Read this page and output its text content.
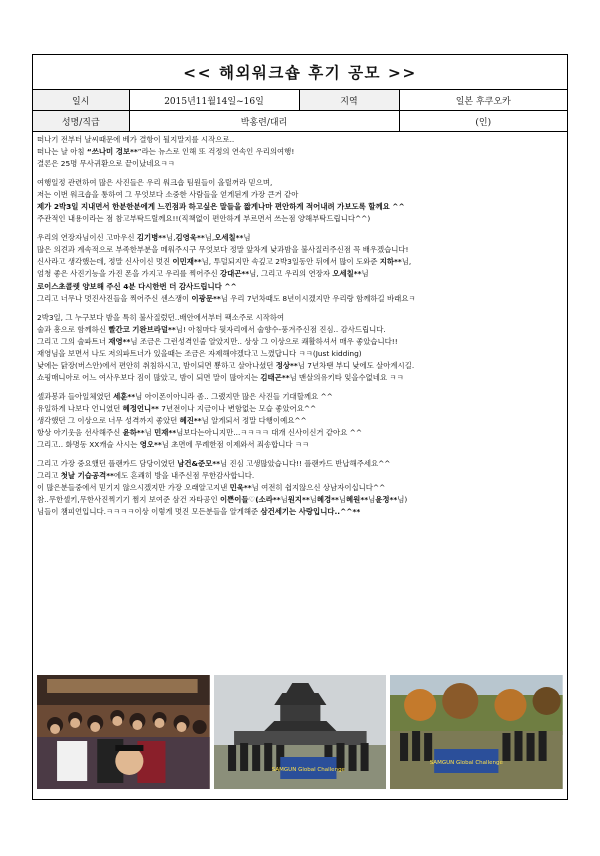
<< 해외워크숍 후기 공모 >>
일시	2015년11월14일~16일	지역	일본 후쿠오카
성명/직급	박홍련/대리		(인)

떠나기 전부터 날씨때문에 베가 결항이 될지말지를 시작으로..

떠나는 날 아침 “쓰나미 경보**”라는 뉴스로 인해 또 걱정의 연속인 우리의여행!

결론은 25명 무사귀환으로 끝이났네요ㅋㅋ

여행일정 관련하여 많은 사진들은 우리 워크숍 팀원들이 올릴꺼라 믿으며,

저는 이번 워크숍을 통하여 그 무엇보다 소중한 사람들을 얻게된게 가장 큰거 같아

제가 2박3일 지내면서 한분한분에게 느낀점과 하고싶은 말들을 짧게나마 편안하게 적어내려 가보도록 할께요 ^^

주관적인 내용이라는 점 참고부탁드릴께요!!(직책없이 편안하게 부르면서 쓰는점 양해부탁드립니다^^)

우리의 연장자님이신 고마우신 김기병**님,김영욱**님,오세칠**님

많은 의견과 계속적으로 부족한부분을 메워주시구 무엇보다 정말 앞차게 낮과밤을 불사질러주신점 꼭 배우겠습니다!

신사라고 생각했는데, 정말 신사이신 멋진 이민재**님, 투덜되지만 속깊고 2박3일동안 뒤에서 많이 도와준 지하**님,

엄청 좋은 사진기능을 가진 폰을 가지고 우리를 찍어주신 강대곤**님, 그리고 우리의 연장자 오세칠**님

로이스초콜렛 양보해 주신 4분 다시한번 더 감사드립니다 ^^

그리고 너무나 멋진사진들을 찍어주신 센스쟁이 이광문**님 우리 7년차때도 8년이시겠지만 우리랑 함께하길 바래요ㅋ

2박3일, 그 누구보다 밤을 특히 불사질렀던..배안에서부터 팩소주로 시작하여

술과 흥으로 함께하신 빨간코 기완브라덜**님! 아침마다 뒷자리에서 술향수-풍겨주신점 진심.. 감사드립니다.

그리고 그의 술파트너 재영**님 조금은 그런성격인줄 알았지만.. 상상 그 이상으로 쾌활하셔서 매우 좋았습니다!!

재영님을 보면서 나도 저의파트너가 있을때는 조금은 자제해야겠다고 느꼈답니다 ㅋㅋ(Just kidding)

낮에는 닭장(버스안)에서 편안히 취침하시고, 밤이되면 뿅하고 살아나셨던 정상**님 7년차땐 부디 낮에도 살아계시길.

쇼핑매니아로 어느 여사우보다 짐이 많았고, 밤이 되면 말이 많아지는 김태곤**님 맨살의유키타 잊을수없네요 ㅋㅋ

셀과봉과 들아일체였던 세훈**님 아이폰이아니라 좀.. 그랬지만 많은 사진들 기대할께요 ^^

유일하게 나보다 언니였던 혜정언니** 7년전이나 지금이나 변함없는 모습 좋았어요^^

생각했던 그 이상으로 너무 성격까지 좋았던 혜진**님 알게되서 정말 다행이예요^^

항상 아기웃음 선사해주신 윤하**님 민재**님보다는아니지만...ㅋㅋㅋㅋ 대개 신사이신거 같아요 ^^

그리고.. 화명동 XX캐슬 사시는 영오**님 초면에 무례한점 이제와서 죄송합니다 ㅋㅋ

그리고 가장 중요했던 플랜카드 담당이였던 남건&준모**님 진심 고생많았습니다!! 플랜카드 반납해주세요^^

그리고 첫날 기습공격**에도 흔쾌히 방을 내주신점 무한감사합니다.

이 많은분들중에서 믿기지 않으시겠지만 가장 오래알고지낸 민욱**님 여전히 쉽지않으신 상남자이십니다^^

참..무한셀키,무한사진찍기기 쩜지 보여준 삼건 자타공인 이쁜이들♡(소라**님원지**님혜경**님혜원**님윤정**님)

님들이 챔피언입니다.ㅋㅋㅋㅋ이상 이렇게 멋진 모든분들을 알게해준 삼건세기는 사랑입니다..^^**

SAMGUN Global Challenge
SAMGUN Global Challenge
